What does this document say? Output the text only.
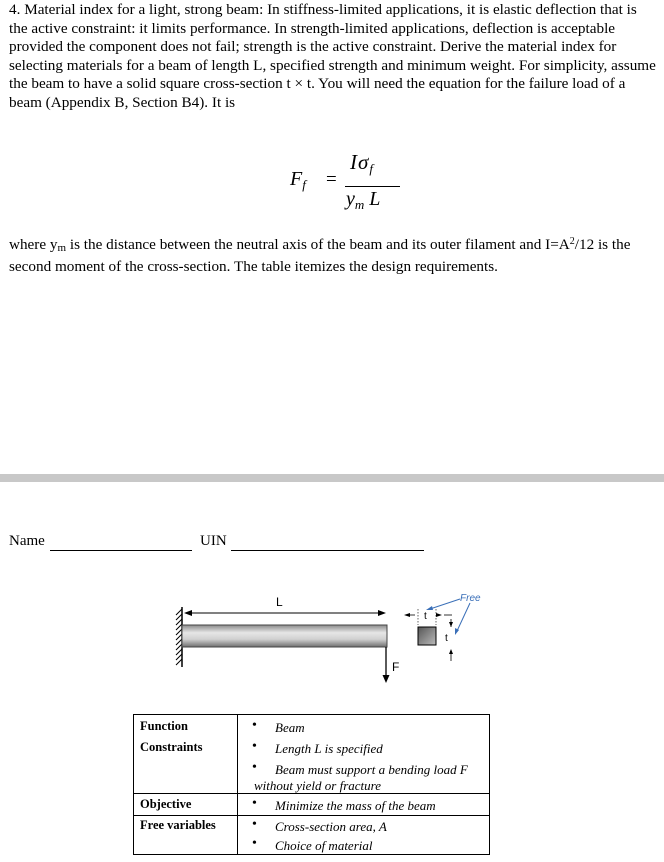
4. Material index for a light, strong beam: In stiffness-limited applications, it is elastic deflection that is the active constraint: it limits performance. In strength-limited applications, deflection is acceptable provided the component does not fail; strength is the active constraint. Derive the material index for selecting materials for a beam of length L, specified strength and minimum weight. For simplicity, assume the beam to have a solid square cross-section t × t. You will need the equation for the failure load of a beam (Appendix B, Section B4). It is

$F_f$ =
$I\sigma_f$
$y_m$ L
where $y_m$ is the distance between the neutral axis of the beam and its outer filament and $I=A^2/12$ is the second moment of the cross-section. The table itemizes the design requirements.
Name	UIN
L
F
t
t
Free
Function	• Beam
Constraints	• Length L is specified
• Beam must support a bending load F
without yield or fracture
Objective	• Minimize the mass of the beam
Free variables	• Cross-section area, A
• Choice of material
